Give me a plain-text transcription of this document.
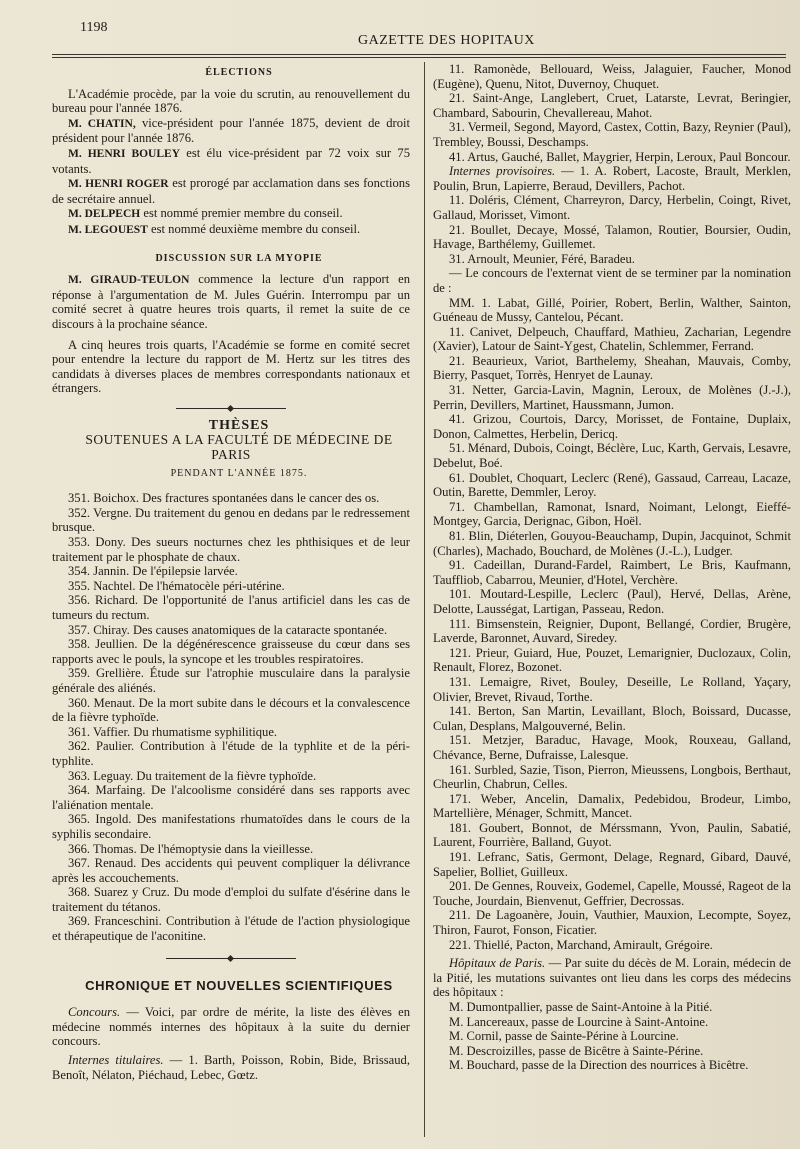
1198
GAZETTE DES HOPITAUX

ÉLECTIONS

L'Académie procède, par la voie du scrutin, au renouvellement du bureau pour l'année 1876.

M. CHATIN, vice-président pour l'année 1875, devient de droit président pour l'année 1876.

M. HENRI BOULEY est élu vice-président par 72 voix sur 75 votants.

M. HENRI ROGER est prorogé par acclamation dans ses fonctions de secrétaire annuel.

M. DELPECH est nommé premier membre du conseil.

M. LEGOUEST est nommé deuxième membre du conseil.

DISCUSSION SUR LA MYOPIE

M. GIRAUD-TEULON commence la lecture d'un rapport en réponse à l'argumentation de M. Jules Guérin. Interrompu par un comité secret à quatre heures trois quarts, il remet la suite de ce discours à la prochaine séance.

A cinq heures trois quarts, l'Académie se forme en comité secret pour entendre la lecture du rapport de M. Hertz sur les titres des candidats à diverses places de membres correspondants nationaux et étrangers.

THÈSES

SOUTENUES A LA FACULTÉ DE MÉDECINE DE PARIS

PENDANT L'ANNÉE 1875.

351. Boichox. Des fractures spontanées dans le cancer des os.

352. Vergne. Du traitement du genou en dedans par le redressement brusque.

353. Dony. Des sueurs nocturnes chez les phthisiques et de leur traitement par le phosphate de chaux.

354. Jannin. De l'épilepsie larvée.

355. Nachtel. De l'hématocèle péri-utérine.

356. Richard. De l'opportunité de l'anus artificiel dans les cas de tumeurs du rectum.

357. Chiray. Des causes anatomiques de la cataracte spontanée.

358. Jeullien. De la dégénérescence graisseuse du cœur dans ses rapports avec le pouls, la syncope et les troubles respiratoires.

359. Grellière. Étude sur l'atrophie musculaire dans la paralysie générale des aliénés.

360. Menaut. De la mort subite dans le décours et la convalescence de la fièvre typhoïde.

361. Vaffier. Du rhumatisme syphilitique.

362. Paulier. Contribution à l'étude de la typhlite et de la péri-typhlite.

363. Leguay. Du traitement de la fièvre typhoïde.

364. Marfaing. De l'alcoolisme considéré dans ses rapports avec l'aliénation mentale.

365. Ingold. Des manifestations rhumatoïdes dans le cours de la syphilis secondaire.

366. Thomas. De l'hémoptysie dans la vieillesse.

367. Renaud. Des accidents qui peuvent compliquer la délivrance après les accouchements.

368. Suarez y Cruz. Du mode d'emploi du sulfate d'ésérine dans le traitement du tétanos.

369. Franceschini. Contribution à l'étude de l'action physiologique et thérapeutique de l'aconitine.

CHRONIQUE ET NOUVELLES SCIENTIFIQUES

Concours. — Voici, par ordre de mérite, la liste des élèves en médecine nommés internes des hôpitaux à la suite du dernier concours.

Internes titulaires. — 1. Barth, Poisson, Robin, Bide, Brissaud, Benoît, Nélaton, Piéchaud, Lebec, Gœtz.

11. Ramonède, Bellouard, Weiss, Jalaguier, Faucher, Monod (Eugène), Quenu, Nitot, Duvernoy, Chuquet.

21. Saint-Ange, Langlebert, Cruet, Latarste, Levrat, Beringier, Chambard, Sabourin, Chevallereau, Mahot.

31. Vermeil, Segond, Mayord, Castex, Cottin, Bazy, Reynier (Paul), Trembley, Boussi, Deschamps.

41. Artus, Gauché, Ballet, Maygrier, Herpin, Leroux, Paul Boncour.

Internes provisoires. — 1. A. Robert, Lacoste, Brault, Merklen, Poulin, Brun, Lapierre, Beraud, Devillers, Pachot.

11. Doléris, Clément, Charreyron, Darcy, Herbelin, Coingt, Rivet, Gallaud, Morisset, Vimont.

21. Boullet, Decaye, Mossé, Talamon, Routier, Boursier, Oudin, Havage, Barthélemy, Guillemet.

31. Arnoult, Meunier, Féré, Baradeu.

— Le concours de l'externat vient de se terminer par la nomination de :

MM. 1. Labat, Gillé, Poirier, Robert, Berlin, Walther, Sainton, Guéneau de Mussy, Cantelou, Pécant.

11. Canivet, Delpeuch, Chauffard, Mathieu, Zacharian, Legendre (Xavier), Latour de Saint-Ygest, Chatelin, Schlemmer, Ferrand.

21. Beaurieux, Variot, Barthelemy, Sheahan, Mauvais, Comby, Bierry, Pasquet, Torrès, Henryet de Launay.

31. Netter, Garcia-Lavin, Magnin, Leroux, de Molènes (J.-J.), Perrin, Devillers, Martinet, Haussmann, Jumon.

41. Grizou, Courtois, Darcy, Morisset, de Fontaine, Duplaix, Donon, Calmettes, Herbelin, Dericq.

51. Ménard, Dubois, Coingt, Béclère, Luc, Karth, Gervais, Lesavre, Debelut, Boé.

61. Doublet, Choquart, Leclerc (René), Gassaud, Carreau, Lacaze, Outin, Barette, Demmler, Leroy.

71. Chambellan, Ramonat, Isnard, Noimant, Lelongt, Eieffé-Montgey, Garcia, Derignac, Gibon, Hoël.

81. Blin, Diéterlen, Gouyou-Beauchamp, Dupin, Jacquinot, Schmit (Charles), Machado, Bouchard, de Molènes (J.-L.), Ludger.

91. Cadeillan, Durand-Fardel, Raimbert, Le Bris, Kaufmann, Tauffliob, Cabarrou, Meunier, d'Hotel, Verchère.

101. Moutard-Lespille, Leclerc (Paul), Hervé, Dellas, Arène, Delotte, Lausségat, Lartigan, Passeau, Redon.

111. Bimsenstein, Reignier, Dupont, Bellangé, Cordier, Brugère, Laverde, Baronnet, Auvard, Siredey.

121. Prieur, Guiard, Hue, Pouzet, Lemarignier, Duclozaux, Colin, Renault, Florez, Bozonet.

131. Lemaigre, Rivet, Bouley, Deseille, Le Rolland, Yaçary, Olivier, Brevet, Rivaud, Torthe.

141. Berton, San Martin, Levaillant, Bloch, Boissard, Ducasse, Culan, Desplans, Malgouverné, Belin.

151. Metzjer, Baraduc, Havage, Mook, Rouxeau, Galland, Chévance, Berne, Dufraisse, Lalesque.

161. Surbled, Sazie, Tison, Pierron, Mieussens, Longbois, Berthaut, Cheurlin, Chabrun, Celles.

171. Weber, Ancelin, Damalix, Pedebidou, Brodeur, Limbo, Martellière, Ménager, Schmitt, Mancet.

181. Goubert, Bonnot, de Mérssmann, Yvon, Paulin, Sabatié, Laurent, Fourrière, Balland, Guyot.

191. Lefranc, Satis, Germont, Delage, Regnard, Gibard, Dauvé, Sapelier, Bolliet, Guilleux.

201. De Gennes, Rouveix, Godemel, Capelle, Moussé, Rageot de la Touche, Jourdain, Bienvenut, Geffrier, Decrossas.

211. De Lagoanère, Jouin, Vauthier, Mauxion, Lecompte, Soyez, Thiron, Faurot, Fonson, Ficatier.

221. Thiellé, Pacton, Marchand, Amirault, Grégoire.

Hôpitaux de Paris. — Par suite du décès de M. Lorain, médecin de la Pitié, les mutations suivantes ont lieu dans les corps des médecins des hôpitaux :

M. Dumontpallier, passe de Saint-Antoine à la Pitié.

M. Lancereaux, passe de Lourcine à Saint-Antoine.

M. Cornil, passe de Sainte-Périne à Lourcine.

M. Descroizilles, passe de Bicêtre à Sainte-Périne.

M. Bouchard, passe de la Direction des nourrices à Bicêtre.
